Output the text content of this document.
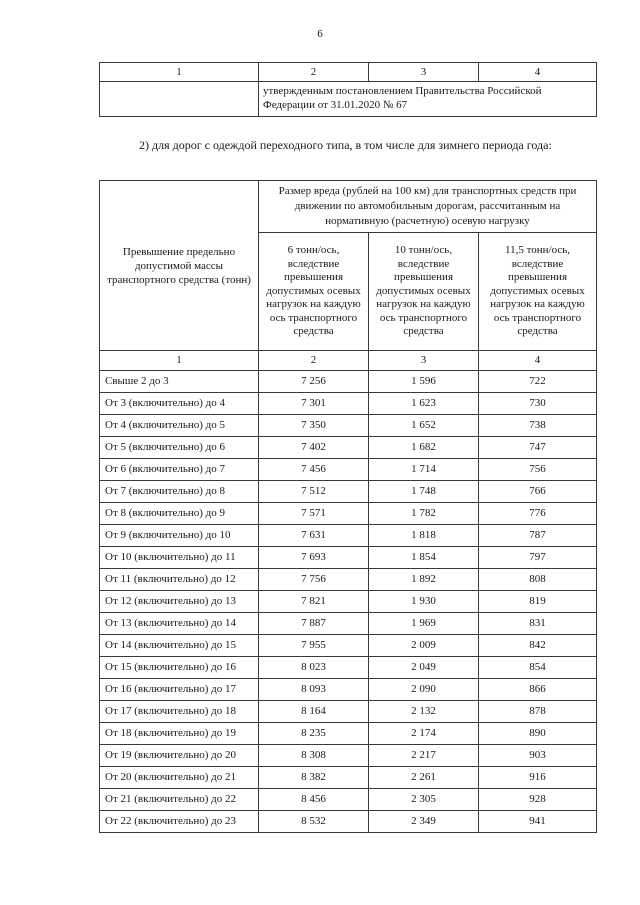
6
1	2	3	4
	утвержденным постановлением Правительства Российской Федерации от 31.01.2020 № 67		
2) для дорог с одеждой переходного типа, в том числе для зимнего периода года:
Превышение предельно допустимой массы транспортного средства (тонн)	Размер вреда (рублей на 100 км) для транспортных средств при движении по автомобильным дорогам, рассчитанным на нормативную (расчетную) осевую нагрузку		
	6 тонн/ось, вследствие превышения допустимых осевых нагрузок на каждую ось транспортного средства	10 тонн/ось, вследствие превышения допустимых осевых нагрузок на каждую ось транспортного средства	11,5 тонн/ось, вследствие превышения допустимых осевых нагрузок на каждую ось транспортного средства
1	2	3	4
Свыше 2 до 3	7 256	1 596	722
От 3 (включительно) до 4	7 301	1 623	730
От 4 (включительно) до 5	7 350	1 652	738
От 5 (включительно) до 6	7 402	1 682	747
От 6 (включительно) до 7	7 456	1 714	756
От 7 (включительно) до 8	7 512	1 748	766
От 8 (включительно) до 9	7 571	1 782	776
От 9 (включительно) до 10	7 631	1 818	787
От 10 (включительно) до 11	7 693	1 854	797
От 11 (включительно) до 12	7 756	1 892	808
От 12 (включительно) до 13	7 821	1 930	819
От 13 (включительно) до 14	7 887	1 969	831
От 14 (включительно) до 15	7 955	2 009	842
От 15 (включительно) до 16	8 023	2 049	854
От 16 (включительно) до 17	8 093	2 090	866
От 17 (включительно) до 18	8 164	2 132	878
От 18 (включительно) до 19	8 235	2 174	890
От 19 (включительно) до 20	8 308	2 217	903
От 20 (включительно) до 21	8 382	2 261	916
От 21 (включительно) до 22	8 456	2 305	928
От 22 (включительно) до 23	8 532	2 349	941
